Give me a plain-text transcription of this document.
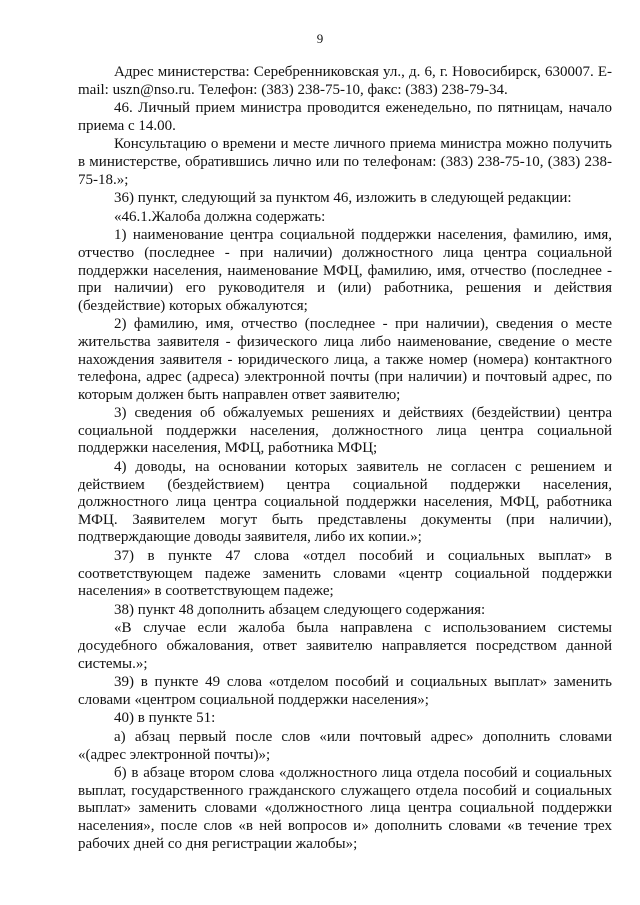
9

Адрес министерства: Серебренниковская ул., д. 6, г. Новосибирск, 630007. E-mail: uszn@nso.ru. Телефон: (383) 238-75-10, факс: (383) 238-79-34.

46. Личный прием министра проводится еженедельно, по пятницам, начало приема с 14.00.

Консультацию о времени и месте личного приема министра можно получить в министерстве, обратившись лично или по телефонам: (383) 238-75-10, (383) 238-75-18.»;

36) пункт, следующий за пунктом 46, изложить в следующей редакции:

«46.1.Жалоба должна содержать:

1) наименование центра социальной поддержки населения, фамилию, имя, отчество (последнее - при наличии) должностного лица центра социальной поддержки населения, наименование МФЦ, фамилию, имя, отчество (последнее - при наличии) его руководителя и (или) работника, решения и действия (бездействие) которых обжалуются;

2) фамилию, имя, отчество (последнее - при наличии), сведения о месте жительства заявителя - физического лица либо наименование, сведение о месте нахождения заявителя - юридического лица, а также номер (номера) контактного телефона, адрес (адреса) электронной почты (при наличии) и почтовый адрес, по которым должен быть направлен ответ заявителю;

3) сведения об обжалуемых решениях и действиях (бездействии) центра социальной поддержки населения, должностного лица центра социальной поддержки населения, МФЦ, работника МФЦ;

4) доводы, на основании которых заявитель не согласен с решением и действием (бездействием) центра социальной поддержки населения, должностного лица центра социальной поддержки населения, МФЦ, работника МФЦ. Заявителем могут быть представлены документы (при наличии), подтверждающие доводы заявителя, либо их копии.»;

37) в пункте 47 слова «отдел пособий и социальных выплат» в соответствующем падеже заменить словами «центр социальной поддержки населения» в соответствующем падеже;

38) пункт 48 дополнить абзацем следующего содержания:

«В случае если жалоба была направлена с использованием системы досудебного обжалования, ответ заявителю направляется посредством данной системы.»;

39) в пункте 49 слова «отделом пособий и социальных выплат» заменить словами «центром социальной поддержки населения»;

40) в пункте 51:

а) абзац первый после слов «или почтовый адрес» дополнить словами «(адрес электронной почты)»;

б) в абзаце втором слова «должностного лица отдела пособий и социальных выплат, государственного гражданского служащего отдела пособий и социальных выплат» заменить словами «должностного лица центра социальной поддержки населения», после слов «в ней вопросов и» дополнить словами «в течение трех рабочих дней со дня регистрации жалобы»;
